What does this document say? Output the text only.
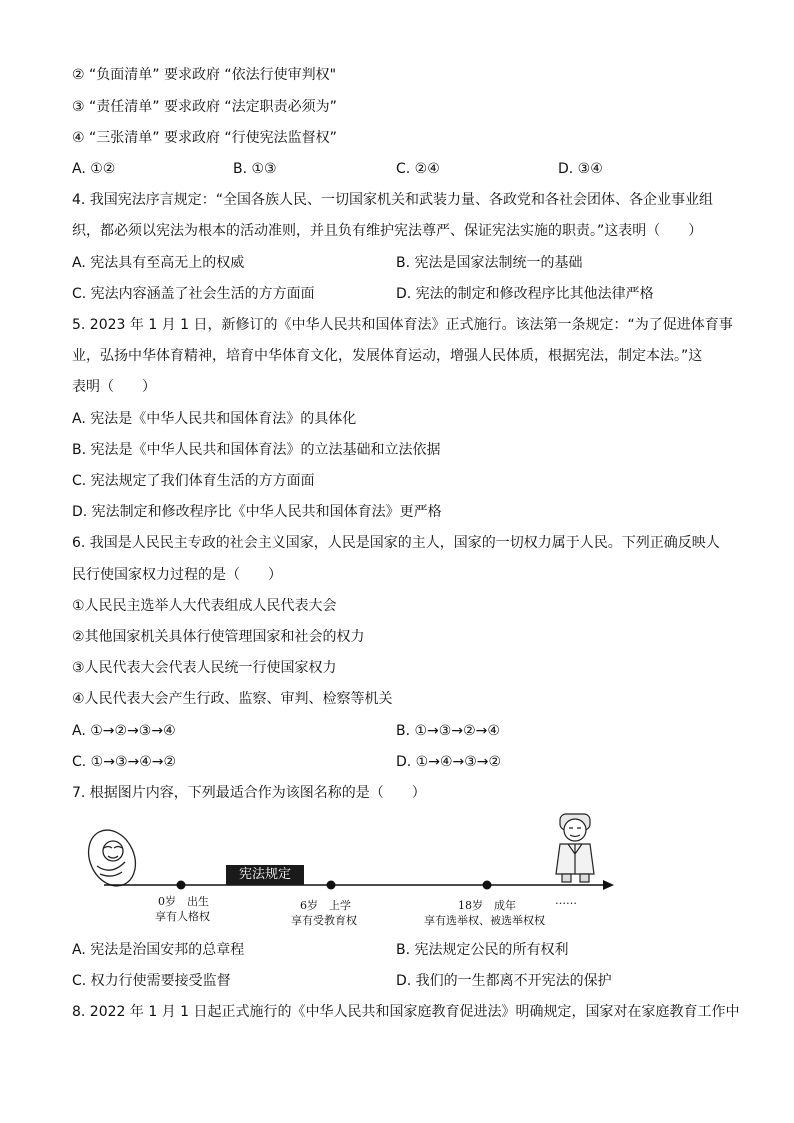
② “负面清单” 要求政府 “依法行使审判权"
③ “责任清单” 要求政府 “法定职责必须为”
④ “三张清单” 要求政府 “行使宪法监督权”
A. ①②	B. ①③	C. ②④	D. ③④
4. 我国宪法序言规定：“全国各族人民、一切国家机关和武装力量、各政党和各社会团体、各企业事业组
织，都必须以宪法为根本的活动准则，并且负有维护宪法尊严、保证宪法实施的职责。”这表明（　　）
A. 宪法具有至高无上的权威	B. 宪法是国家法制统一的基础
C. 宪法内容涵盖了社会生活的方方面面	D. 宪法的制定和修改程序比其他法律严格
5. 2023 年 1 月 1 日，新修订的《中华人民共和国体育法》正式施行。该法第一条规定：“为了促进体育事
业，弘扬中华体育精神，培育中华体育文化，发展体育运动，增强人民体质，根据宪法，制定本法。”这
表明（　　）
A. 宪法是《中华人民共和国体育法》的具体化
B. 宪法是《中华人民共和国体育法》的立法基础和立法依据
C. 宪法规定了我们体育生活的方方面面
D. 宪法制定和修改程序比《中华人民共和国体育法》更严格
6. 我国是人民民主专政的社会主义国家，人民是国家的主人，国家的一切权力属于人民。下列正确反映人
民行使国家权力过程的是（　　）
①人民民主选举人大代表组成人民代表大会
②其他国家机关具体行使管理国家和社会的权力
③人民代表大会代表人民统一行使国家权力
④人民代表大会产生行政、监察、审判、检察等机关
A. ①→②→③→④	B. ①→③→②→④
C. ①→③→④→②	D. ①→④→③→②
7. 根据图片内容，下列最适合作为该图名称的是（　　）
……
宪法规定
0岁 出生
享有人格权
6岁 上学
享有受教育权
18岁 成年
享有选举权、被选举权权
A. 宪法是治国安邦的总章程	B. 宪法规定公民的所有权利
C. 权力行使需要接受监督	D. 我们的一生都离不开宪法的保护
8. 2022 年 1 月 1 日起正式施行的《中华人民共和国家庭教育促进法》明确规定，国家对在家庭教育工作中
